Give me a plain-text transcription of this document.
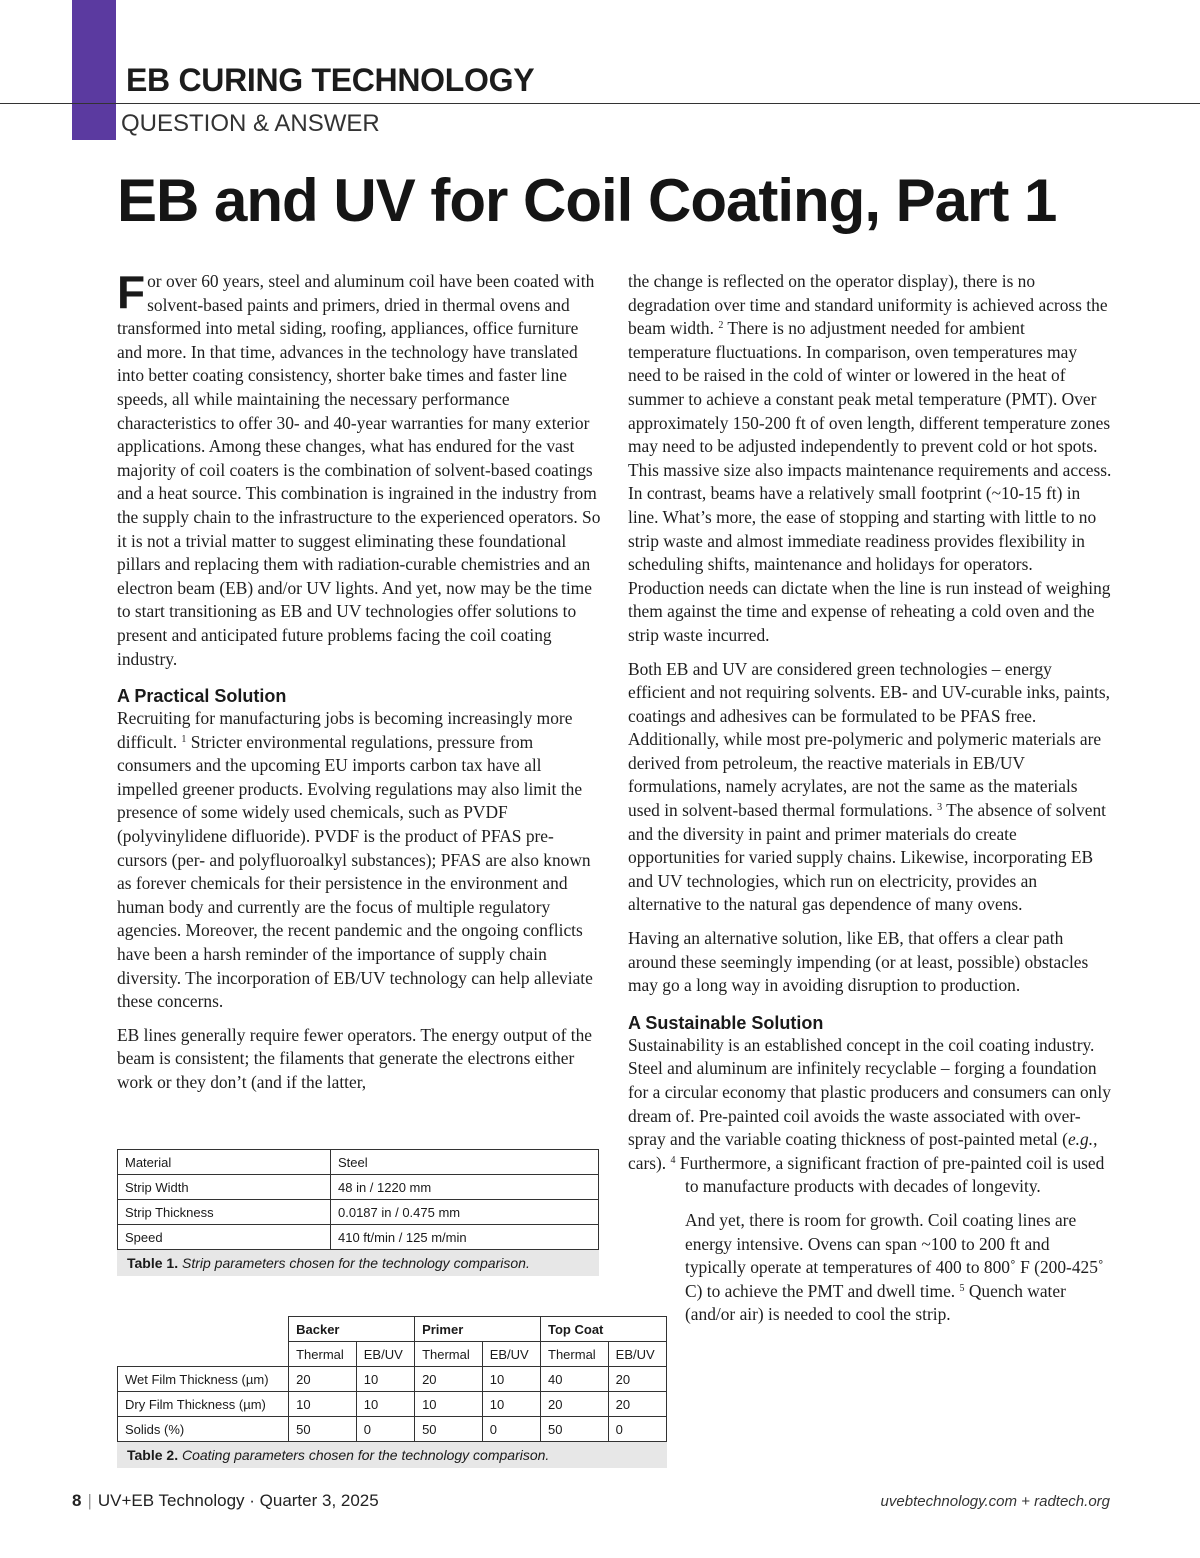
EB CURING TECHNOLOGY
QUESTION & ANSWER
EB and UV for Coil Coating, Part 1

For over 60 years, steel and aluminum coil have been coated with solvent-based paints and primers, dried in thermal ovens and transformed into metal siding, roofing, appliances, office furniture and more. In that time, advances in the technology have translated into better coating consistency, shorter bake times and faster line speeds, all while maintaining the necessary performance characteristics to offer 30- and 40-year warranties for many exterior applications. Among these changes, what has endured for the vast majority of coil coaters is the combination of solvent-based coatings and a heat source. This combination is ingrained in the industry from the supply chain to the infrastructure to the experienced operators. So it is not a trivial matter to suggest eliminating these foundational pillars and replacing them with radiation-curable chemistries and an electron beam (EB) and/or UV lights. And yet, now may be the time to start transitioning as EB and UV technologies offer solutions to present and anticipated future problems facing the coil coating industry.

A Practical Solution

Recruiting for manufacturing jobs is becoming increasingly more difficult. $^1$ Stricter environmental regulations, pressure from consumers and the upcoming EU imports carbon tax have all impelled greener products. Evolving regulations may also limit the presence of some widely used chemicals, such as PVDF (polyvinylidene difluoride). PVDF is the product of PFAS pre-cursors (per- and polyfluoroalkyl substances); PFAS are also known as forever chemicals for their persistence in the environment and human body and currently are the focus of multiple regulatory agencies. Moreover, the recent pandemic and the ongoing conflicts have been a harsh reminder of the importance of supply chain diversity. The incorporation of EB/UV technology can help alleviate these concerns.

EB lines generally require fewer operators. The energy output of the beam is consistent; the filaments that generate the electrons either work or they don’t (and if the latter,

Material	Steel
Strip Width	48 in / 1220 mm
Strip Thickness	0.0187 in / 0.475 mm
Speed	410 ft/min / 125 m/min
Table 1. Strip parameters chosen for the technology comparison.
	Backer		Primer		Top Coat	
	Thermal	EB/UV	Thermal	EB/UV	Thermal	EB/UV
Wet Film Thickness (µm)	20	10	20	10	40	20
Dry Film Thickness (µm)	10	10	10	10	20	20
Solids (%)	50	0	50	0	50	0
Table 2. Coating parameters chosen for the technology comparison.

the change is reflected on the operator display), there is no degradation over time and standard uniformity is achieved across the beam width. $^2$ There is no adjustment needed for ambient temperature fluctuations. In comparison, oven temperatures may need to be raised in the cold of winter or lowered in the heat of summer to achieve a constant peak metal temperature (PMT). Over approximately 150-200 ft of oven length, different temperature zones may need to be adjusted independently to prevent cold or hot spots. This massive size also impacts maintenance requirements and access. In contrast, beams have a relatively small footprint (~10-15 ft) in line. What’s more, the ease of stopping and starting with little to no strip waste and almost immediate readiness provides flexibility in scheduling shifts, maintenance and holidays for operators. Production needs can dictate when the line is run instead of weighing them against the time and expense of reheating a cold oven and the strip waste incurred.

Both EB and UV are considered green technologies – energy efficient and not requiring solvents. EB- and UV-curable inks, paints, coatings and adhesives can be formulated to be PFAS free. Additionally, while most pre-polymeric and polymeric materials are derived from petroleum, the reactive materials in EB/UV formulations, namely acrylates, are not the same as the materials used in solvent-based thermal formulations. $^3$ The absence of solvent and the diversity in paint and primer materials do create opportunities for varied supply chains. Likewise, incorporating EB and UV technologies, which run on electricity, provides an alternative to the natural gas dependence of many ovens.

Having an alternative solution, like EB, that offers a clear path around these seemingly impending (or at least, possible) obstacles may go a long way in avoiding disruption to production.

A Sustainable Solution

Sustainability is an established concept in the coil coating industry. Steel and aluminum are infinitely recyclable – forging a foundation for a circular economy that plastic producers and consumers can only dream of. Pre-painted coil avoids the waste associated with over-spray and the variable coating thickness of post-painted metal (e.g., cars). $^4$ Furthermore, a significant fraction of pre-painted coil is used

to manufacture products with decades of longevity.

And yet, there is room for growth. Coil coating lines are energy intensive. Ovens can span ~100 to 200 ft and typically operate at temperatures of 400 to 800˚ F (200-425˚ C) to achieve the PMT and dwell time. $^5$ Quench water (and/or air) is needed to cool the strip.

8 | UV+EB Technology · Quarter 3, 2025	uvebtechnology.com + radtech.org
